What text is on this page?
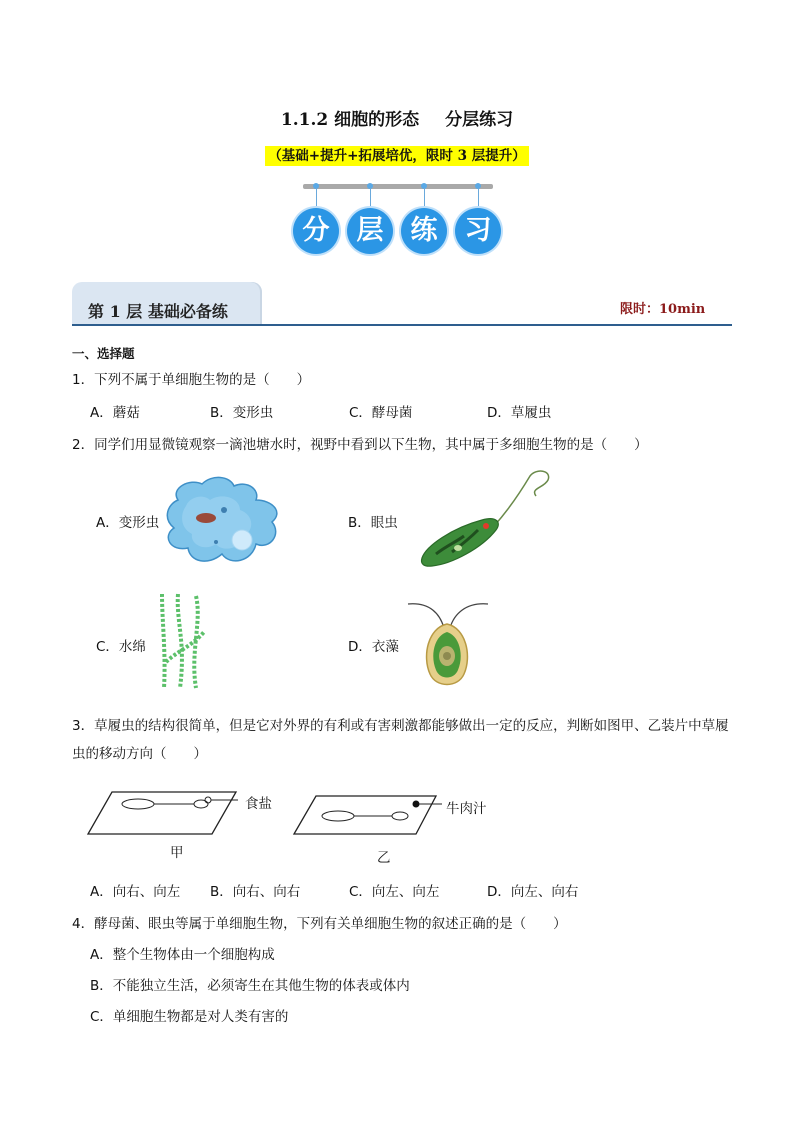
1.1.2 细胞的形态 分层练习
（基础+提升+拓展培优，限时 3 层提升）
分	层	练	习
第 1 层 基础必备练	限时：10min
一、选择题
1．下列不属于单细胞生物的是（　　）
A．蘑菇	B．变形虫	C．酵母菌	D．草履虫
2．同学们用显微镜观察一滴池塘水时，视野中看到以下生物，其中属于多细胞生物的是（　　）
A．变形虫	B．眼虫
C．水绵	D．衣藻
3．草履虫的结构很简单，但是它对外界的有利或有害刺激都能够做出一定的反应，判断如图甲、乙装片中草履虫的移动方向（　　）
食盐	牛肉汁
甲	乙
A．向右、向左 B．向右、向右	C．向左、向左	D．向左、向右
4．酵母菌、眼虫等属于单细胞生物，下列有关单细胞生物的叙述正确的是（　　）
A．整个生物体由一个细胞构成
B．不能独立生活，必须寄生在其他生物的体表或体内
C．单细胞生物都是对人类有害的
